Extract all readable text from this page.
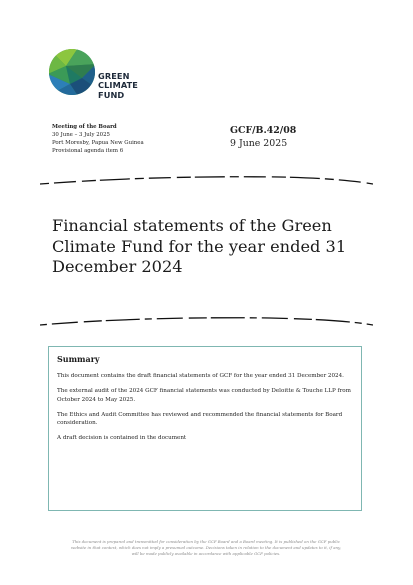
GREEN
CLIMATE
FUND
Meeting of the Board
30 June – 3 July 2025
Port Moresby, Papua New Guinea
Provisional agenda item 6
GCF/B.42/08
9 June 2025
Financial statements of the Green Climate Fund for the year ended 31 December 2024
Summary

This document contains the draft financial statements of GCF for the year ended 31 December 2024.

The external audit of the 2024 GCF financial statements was conducted by Deloitte & Touche LLP from October 2024 to May 2025.

The Ethics and Audit Committee has reviewed and recommended the financial statements for Board consideration.

A draft decision is contained in the document

This document is prepared and transmitted for consideration by the GCF Board and a Board meeting. It is published on the GCF public
website in that context, which does not imply a presumed outcome. Decisions taken in relation to the document and updates to it, if any,
will be made publicly available in accordance with applicable GCF policies.
